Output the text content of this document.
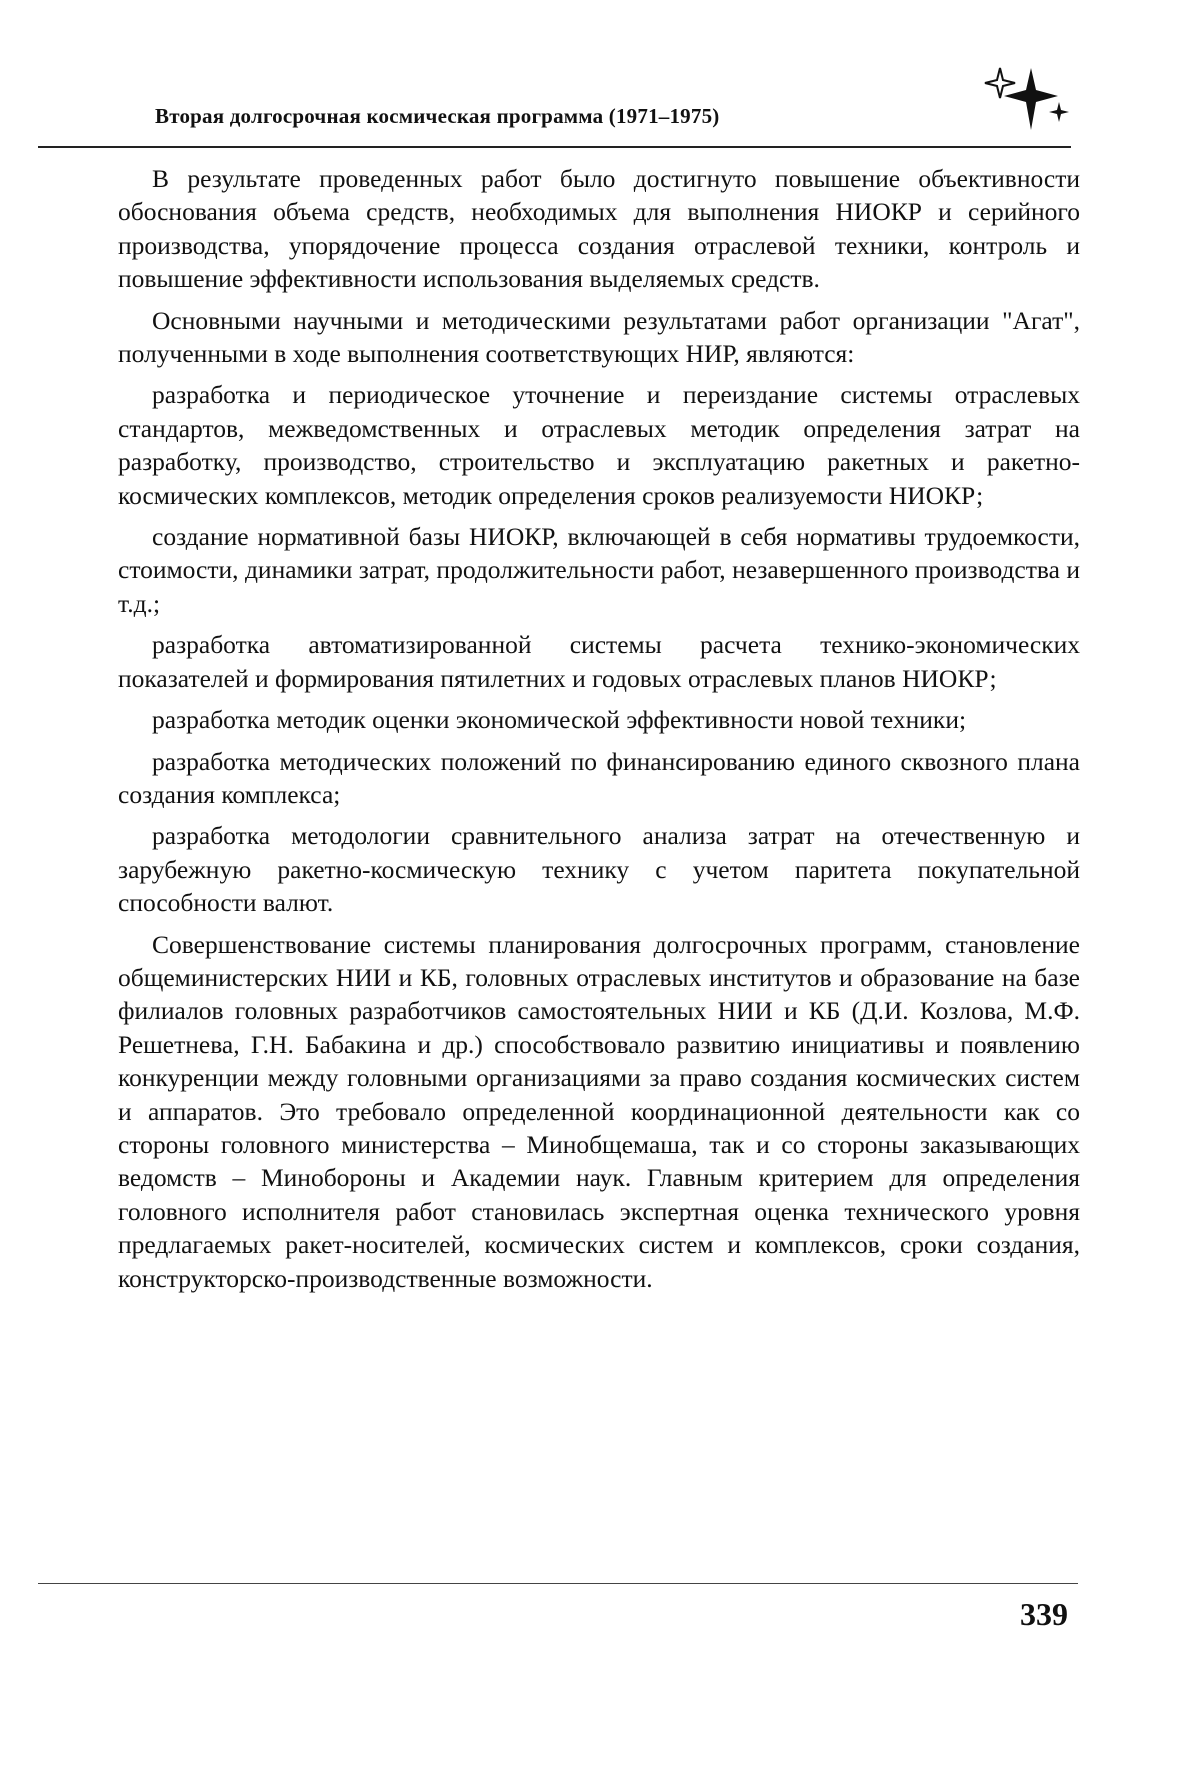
Вторая долгосрочная космическая программа (1971–1975)

В результате проведенных работ было достигнуто повышение объективности обоснования объема средств, необходимых для выполнения НИОКР и серийного производства, упорядочение процесса создания отраслевой техники, контроль и повышение эффективности использования выделяемых средств.

Основными научными и методическими результатами работ организации "Агат", полученными в ходе выполнения соответствующих НИР, являются:

разработка и периодическое уточнение и переиздание системы отраслевых стандартов, межведомственных и отраслевых методик определения затрат на разработку, производство, строительство и эксплуатацию ракетных и ракетно-космических комплексов, методик определения сроков реализуемости НИОКР;

создание нормативной базы НИОКР, включающей в себя нормативы трудоемкости, стоимости, динамики затрат, продолжительности работ, незавершенного производства и т.д.;

разработка автоматизированной системы расчета технико-экономических показателей и формирования пятилетних и годовых отраслевых планов НИОКР;

разработка методик оценки экономической эффективности новой техники;

разработка методических положений по финансированию единого сквозного плана создания комплекса;

разработка методологии сравнительного анализа затрат на отечественную и зарубежную ракетно-космическую технику с учетом паритета покупательной способности валют.

Совершенствование системы планирования долгосрочных программ, становление общеминистерских НИИ и КБ, головных отраслевых институтов и образование на базе филиалов головных разработчиков самостоятельных НИИ и КБ (Д.И. Козлова, М.Ф. Решетнева, Г.Н. Бабакина и др.) способствовало развитию инициативы и появлению конкуренции между головными организациями за право создания космических систем и аппаратов. Это требовало определенной координационной деятельности как со стороны головного министерства – Минобщемаша, так и со стороны заказывающих ведомств – Минобороны и Академии наук. Главным критерием для определения головного исполнителя работ становилась экспертная оценка технического уровня предлагаемых ракет-носителей, космических систем и комплексов, сроки создания, конструкторско-производственные возможности.

339
